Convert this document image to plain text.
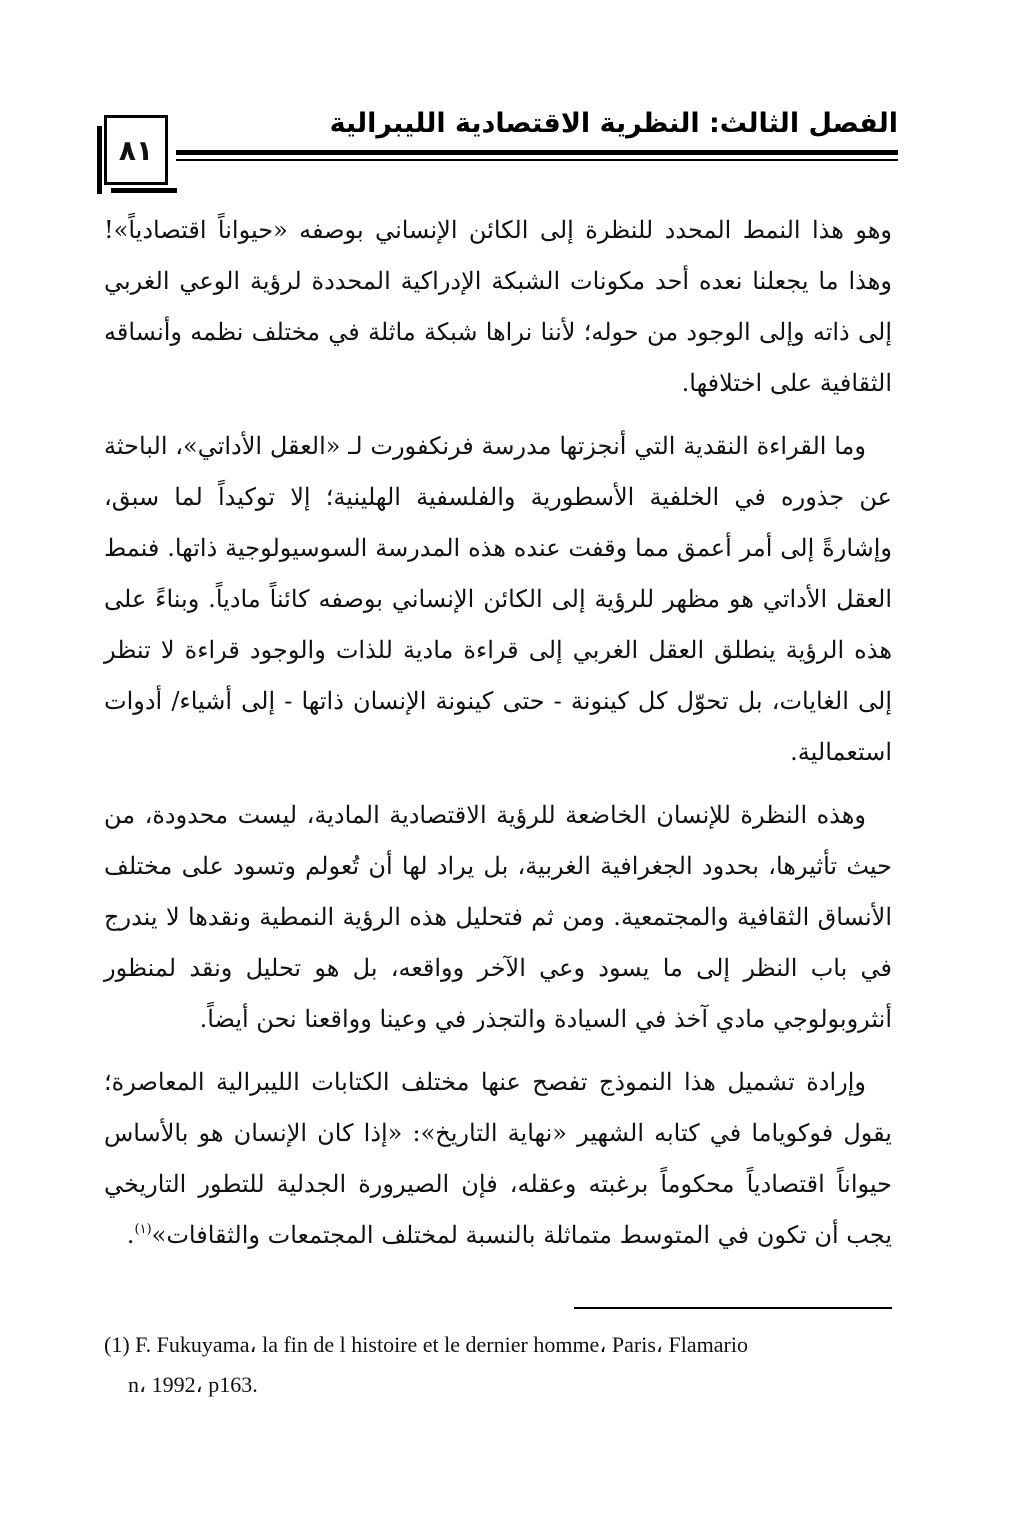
الفصل الثالث: النظرية الاقتصادية الليبرالية
٨١

وهو هذا النمط المحدد للنظرة إلى الكائن الإنساني بوصفه «حيواناً اقتصادياً»! وهذا ما يجعلنا نعده أحد مكونات الشبكة الإدراكية المحددة لرؤية الوعي الغربي إلى ذاته وإلى الوجود من حوله؛ لأننا نراها شبكة ماثلة في مختلف نظمه وأنساقه الثقافية على اختلافها.

وما القراءة النقدية التي أنجزتها مدرسة فرنكفورت لـ «العقل الأداتي»، الباحثة عن جذوره في الخلفية الأسطورية والفلسفية الهلينية؛ إلا توكيداً لما سبق، وإشارةً إلى أمر أعمق مما وقفت عنده هذه المدرسة السوسيولوجية ذاتها. فنمط العقل الأداتي هو مظهر للرؤية إلى الكائن الإنساني بوصفه كائناً مادياً. وبناءً على هذه الرؤية ينطلق العقل الغربي إلى قراءة مادية للذات والوجود قراءة لا تنظر إلى الغايات، بل تحوّل كل كينونة - حتى كينونة الإنسان ذاتها - إلى أشياء/ أدوات استعمالية.

وهذه النظرة للإنسان الخاضعة للرؤية الاقتصادية المادية، ليست محدودة، من حيث تأثيرها، بحدود الجغرافية الغربية، بل يراد لها أن تُعولم وتسود على مختلف الأنساق الثقافية والمجتمعية. ومن ثم فتحليل هذه الرؤية النمطية ونقدها لا يندرج في باب النظر إلى ما يسود وعي الآخر وواقعه، بل هو تحليل ونقد لمنظور أنثروبولوجي مادي آخذ في السيادة والتجذر في وعينا وواقعنا نحن أيضاً.

وإرادة تشميل هذا النموذج تفصح عنها مختلف الكتابات الليبرالية المعاصرة؛ يقول فوكوياما في كتابه الشهير «نهاية التاريخ»: «إذا كان الإنسان هو بالأساس حيواناً اقتصادياً محكوماً برغبته وعقله، فإن الصيرورة الجدلية للتطور التاريخي يجب أن تكون في المتوسط متماثلة بالنسبة لمختلف المجتمعات والثقافات»$^{(١)}$.

(1) F. Fukuyama، la fin de l histoire et le dernier homme، Paris، Flamario
n، 1992، p163.
